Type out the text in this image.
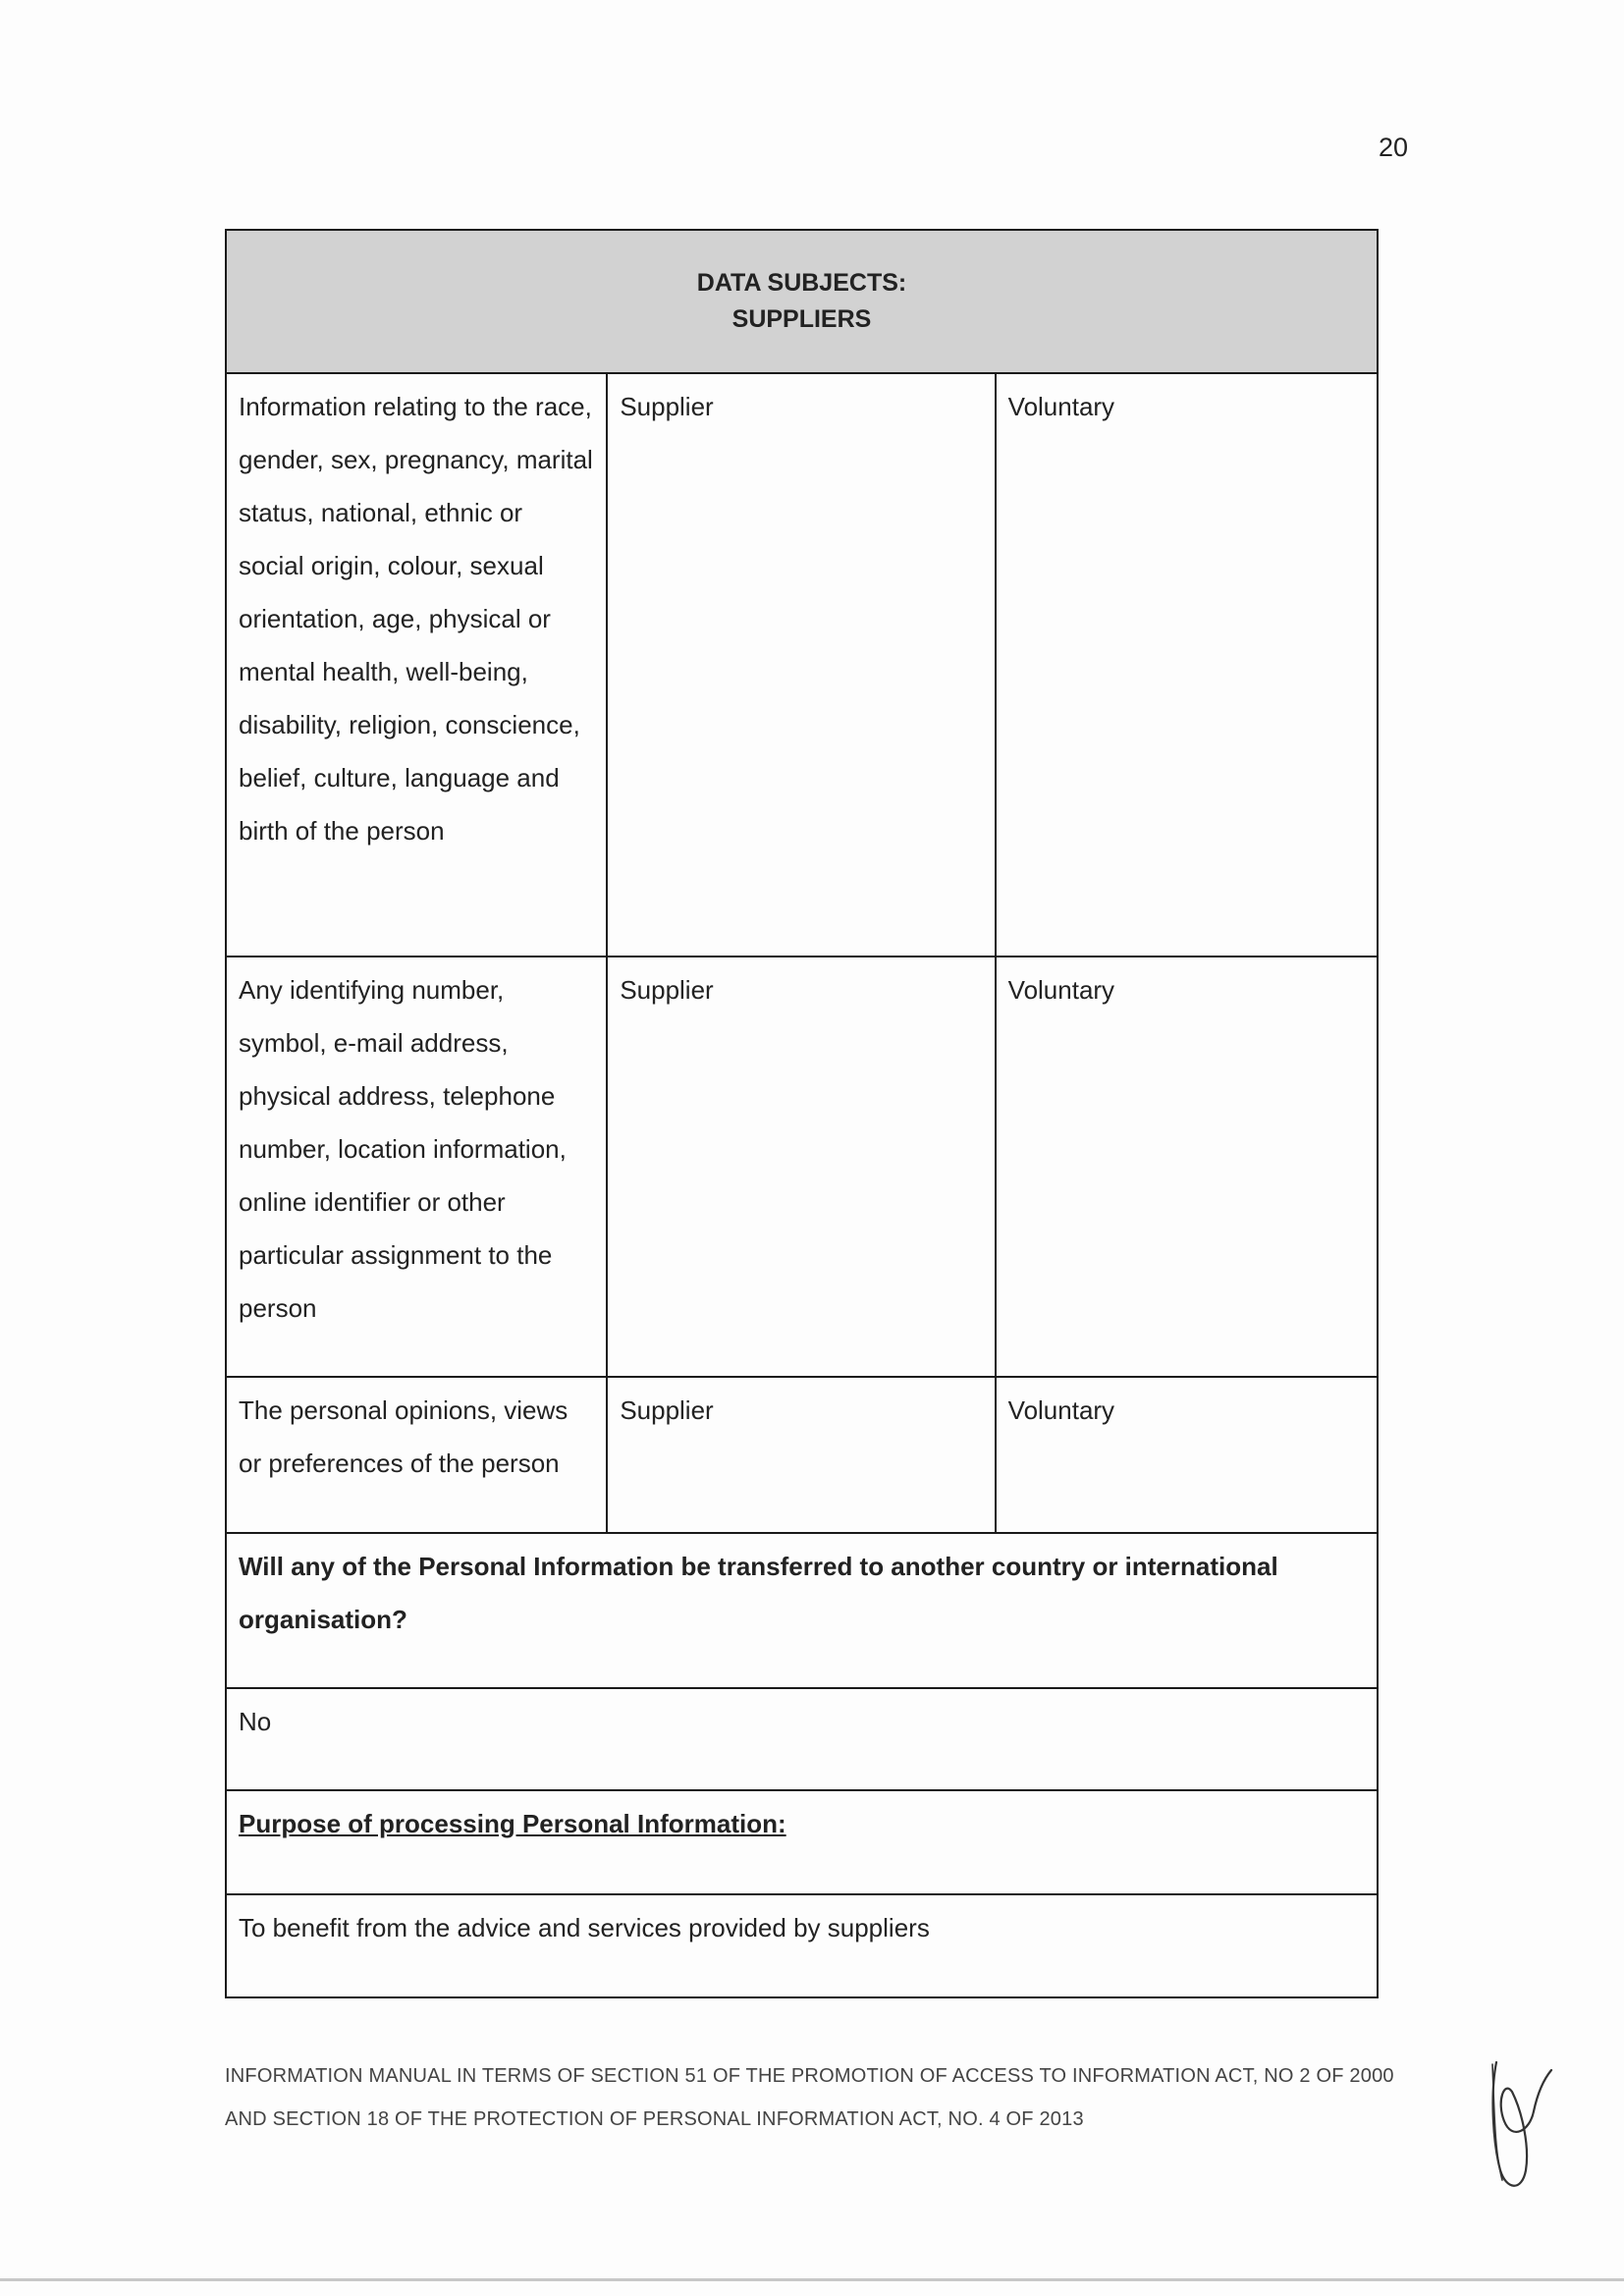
20
DATA SUBJECTS:
SUPPLIERS		

Information relating to the race, gender, sex, pregnancy, marital status, national, ethnic or social origin, colour, sexual orientation, age, physical or mental health, well-being, disability, religion, conscience, belief, culture, language and birth of the person	Supplier	Voluntary

Any identifying number, symbol, e-mail address, physical address, telephone number, location information, online identifier or other particular assignment to the person	Supplier	Voluntary

The personal opinions, views or preferences of the person	Supplier	Voluntary

Will any of the Personal Information be transferred to another country or international organisation?		

No		

Purpose of processing Personal Information:		

To benefit from the advice and services provided by suppliers		
INFORMATION MANUAL IN TERMS OF SECTION 51 OF THE PROMOTION OF ACCESS TO INFORMATION ACT, NO 2 OF 2000
AND SECTION 18 OF THE PROTECTION OF PERSONAL INFORMATION ACT, NO. 4 OF 2013
